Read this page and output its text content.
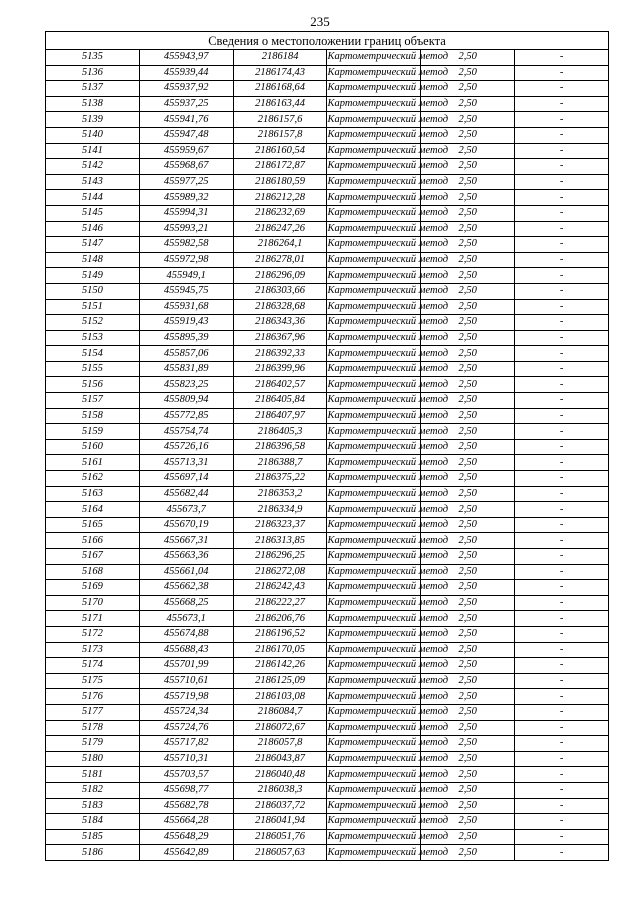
235
Сведения о местоположении границ объекта					
5135	455943,97	2186184	Картометрический метод	2,50	-
5136	455939,44	2186174,43	Картометрический метод	2,50	-
5137	455937,92	2186168,64	Картометрический метод	2,50	-
5138	455937,25	2186163,44	Картометрический метод	2,50	-
5139	455941,76	2186157,6	Картометрический метод	2,50	-
5140	455947,48	2186157,8	Картометрический метод	2,50	-
5141	455959,67	2186160,54	Картометрический метод	2,50	-
5142	455968,67	2186172,87	Картометрический метод	2,50	-
5143	455977,25	2186180,59	Картометрический метод	2,50	-
5144	455989,32	2186212,28	Картометрический метод	2,50	-
5145	455994,31	2186232,69	Картометрический метод	2,50	-
5146	455993,21	2186247,26	Картометрический метод	2,50	-
5147	455982,58	2186264,1	Картометрический метод	2,50	-
5148	455972,98	2186278,01	Картометрический метод	2,50	-
5149	455949,1	2186296,09	Картометрический метод	2,50	-
5150	455945,75	2186303,66	Картометрический метод	2,50	-
5151	455931,68	2186328,68	Картометрический метод	2,50	-
5152	455919,43	2186343,36	Картометрический метод	2,50	-
5153	455895,39	2186367,96	Картометрический метод	2,50	-
5154	455857,06	2186392,33	Картометрический метод	2,50	-
5155	455831,89	2186399,96	Картометрический метод	2,50	-
5156	455823,25	2186402,57	Картометрический метод	2,50	-
5157	455809,94	2186405,84	Картометрический метод	2,50	-
5158	455772,85	2186407,97	Картометрический метод	2,50	-
5159	455754,74	2186405,3	Картометрический метод	2,50	-
5160	455726,16	2186396,58	Картометрический метод	2,50	-
5161	455713,31	2186388,7	Картометрический метод	2,50	-
5162	455697,14	2186375,22	Картометрический метод	2,50	-
5163	455682,44	2186353,2	Картометрический метод	2,50	-
5164	455673,7	2186334,9	Картометрический метод	2,50	-
5165	455670,19	2186323,37	Картометрический метод	2,50	-
5166	455667,31	2186313,85	Картометрический метод	2,50	-
5167	455663,36	2186296,25	Картометрический метод	2,50	-
5168	455661,04	2186272,08	Картометрический метод	2,50	-
5169	455662,38	2186242,43	Картометрический метод	2,50	-
5170	455668,25	2186222,27	Картометрический метод	2,50	-
5171	455673,1	2186206,76	Картометрический метод	2,50	-
5172	455674,88	2186196,52	Картометрический метод	2,50	-
5173	455688,43	2186170,05	Картометрический метод	2,50	-
5174	455701,99	2186142,26	Картометрический метод	2,50	-
5175	455710,61	2186125,09	Картометрический метод	2,50	-
5176	455719,98	2186103,08	Картометрический метод	2,50	-
5177	455724,34	2186084,7	Картометрический метод	2,50	-
5178	455724,76	2186072,67	Картометрический метод	2,50	-
5179	455717,82	2186057,8	Картометрический метод	2,50	-
5180	455710,31	2186043,87	Картометрический метод	2,50	-
5181	455703,57	2186040,48	Картометрический метод	2,50	-
5182	455698,77	2186038,3	Картометрический метод	2,50	-
5183	455682,78	2186037,72	Картометрический метод	2,50	-
5184	455664,28	2186041,94	Картометрический метод	2,50	-
5185	455648,29	2186051,76	Картометрический метод	2,50	-
5186	455642,89	2186057,63	Картометрический метод	2,50	-
